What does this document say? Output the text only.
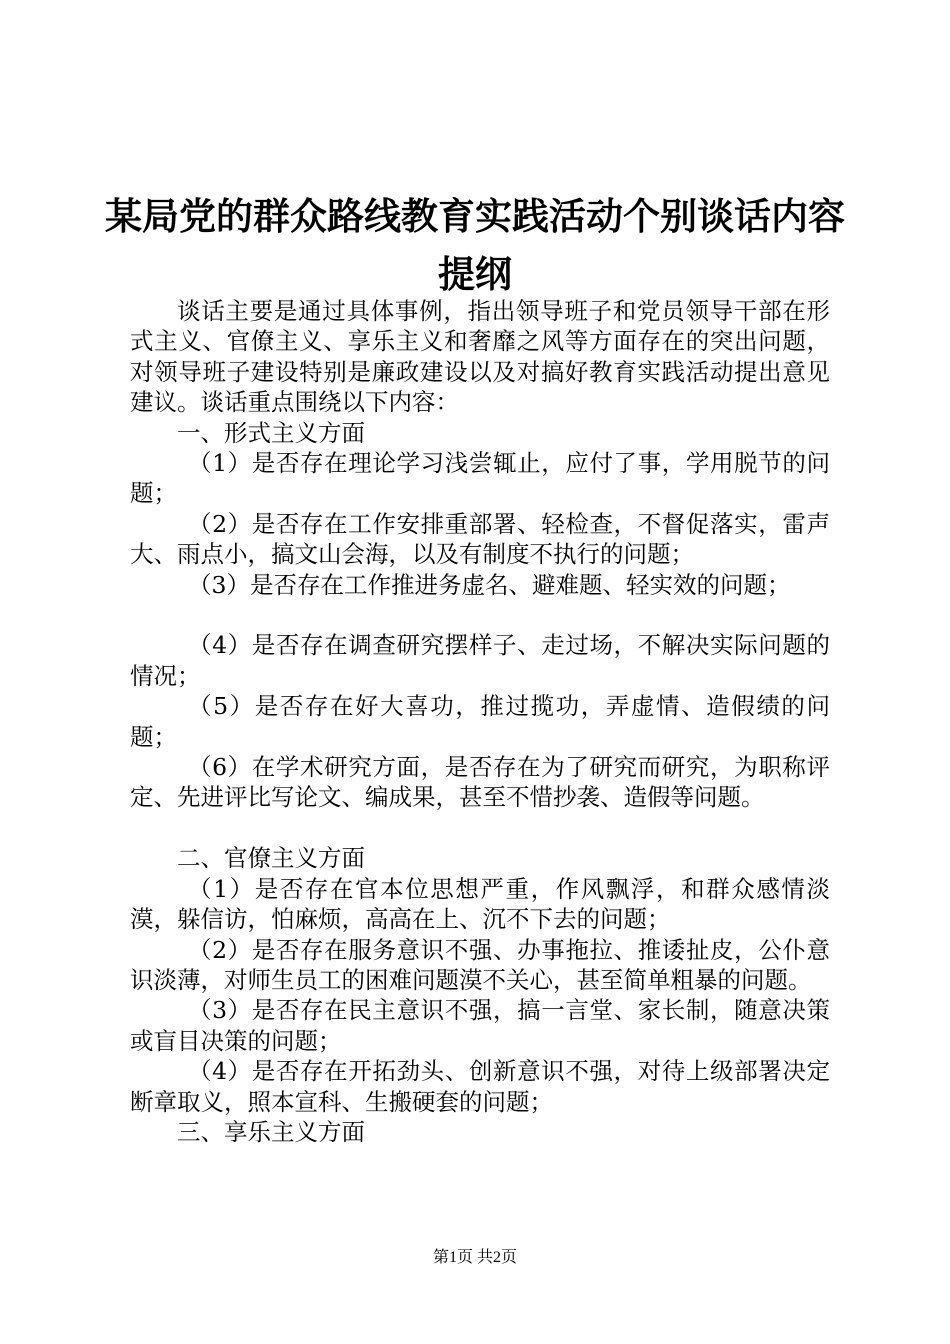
某局党的群众路线教育实践活动个别谈话内容
提纲

谈话主要是通过具体事例，指出领导班子和党员领导干部在形式主义、官僚主义、享乐主义和奢靡之风等方面存在的突出问题，对领导班子建设特别是廉政建设以及对搞好教育实践活动提出意见建议。谈话重点围绕以下内容：

一、形式主义方面

（1）是否存在理论学习浅尝辄止，应付了事，学用脱节的问题；

（2）是否存在工作安排重部署、轻检查，不督促落实，雷声大、雨点小，搞文山会海，以及有制度不执行的问题；

（3）是否存在工作推进务虚名、避难题、轻实效的问题；

（4）是否存在调查研究摆样子、走过场，不解决实际问题的情况；

（5）是否存在好大喜功，推过揽功，弄虚情、造假绩的问题；

（6）在学术研究方面，是否存在为了研究而研究，为职称评定、先进评比写论文、编成果，甚至不惜抄袭、造假等问题。

二、官僚主义方面

（1）是否存在官本位思想严重，作风飘浮，和群众感情淡漠，躲信访，怕麻烦，高高在上、沉不下去的问题；

（2）是否存在服务意识不强、办事拖拉、推诿扯皮，公仆意识淡薄，对师生员工的困难问题漠不关心，甚至简单粗暴的问题。

（3）是否存在民主意识不强，搞一言堂、家长制，随意决策或盲目决策的问题；

（4）是否存在开拓劲头、创新意识不强，对待上级部署决定断章取义，照本宣科、生搬硬套的问题；

三、享乐主义方面

第1页 共2页
